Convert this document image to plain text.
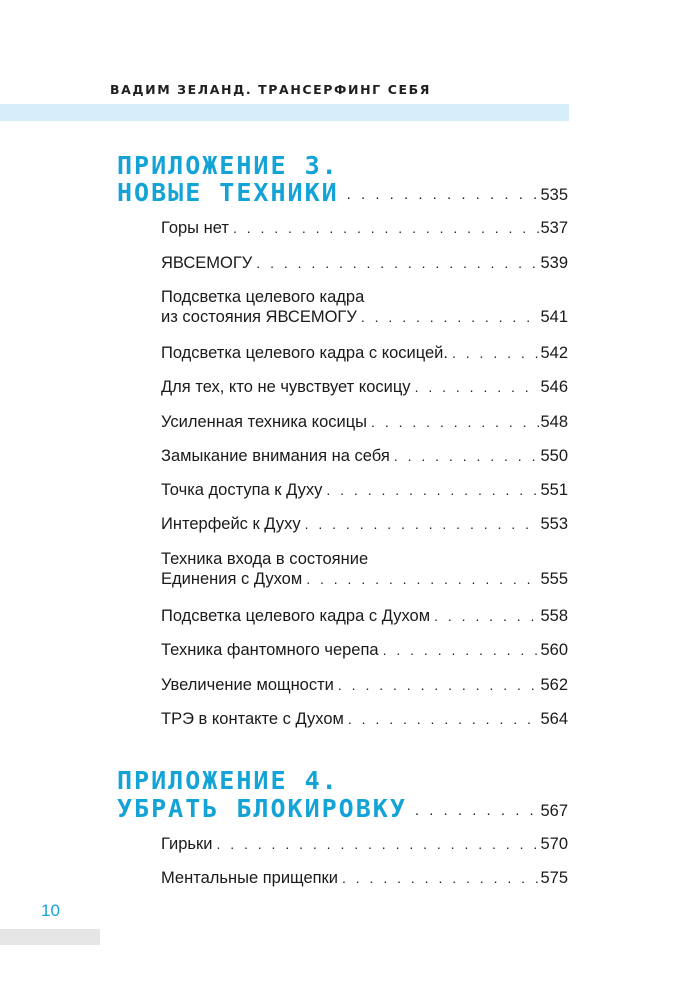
ВАДИМ ЗЕЛАНД. ТРАНСЕРФИНГ СЕБЯ
ПРИЛОЖЕНИЕ 3.
НОВЫЕ ТЕХНИКИ . . .	535
Горы нет . . .	537
ЯВСЕМОГУ . . .	539
Подсветка целевого кадра
из состояния ЯВСЕМОГУ . . .	541
Подсветка целевого кадра с косицей. . . .	542
Для тех, кто не чувствует косицу . . .	546
Усиленная техника косицы . . .	548
Замыкание внимания на себя . . .	550
Точка доступа к Духу . . .	551
Интерфейс к Духу . . .	553
Техника входа в состояние
Единения с Духом . . .	555
Подсветка целевого кадра с Духом . . .	558
Техника фантомного черепа . . .	560
Увеличение мощности . . .	562
ТРЭ в контакте с Духом . . .	564
ПРИЛОЖЕНИЕ 4.
УБРАТЬ БЛОКИРОВКУ . . .	567
Гирьки . . .	570
Ментальные прищепки . . .	575
10
